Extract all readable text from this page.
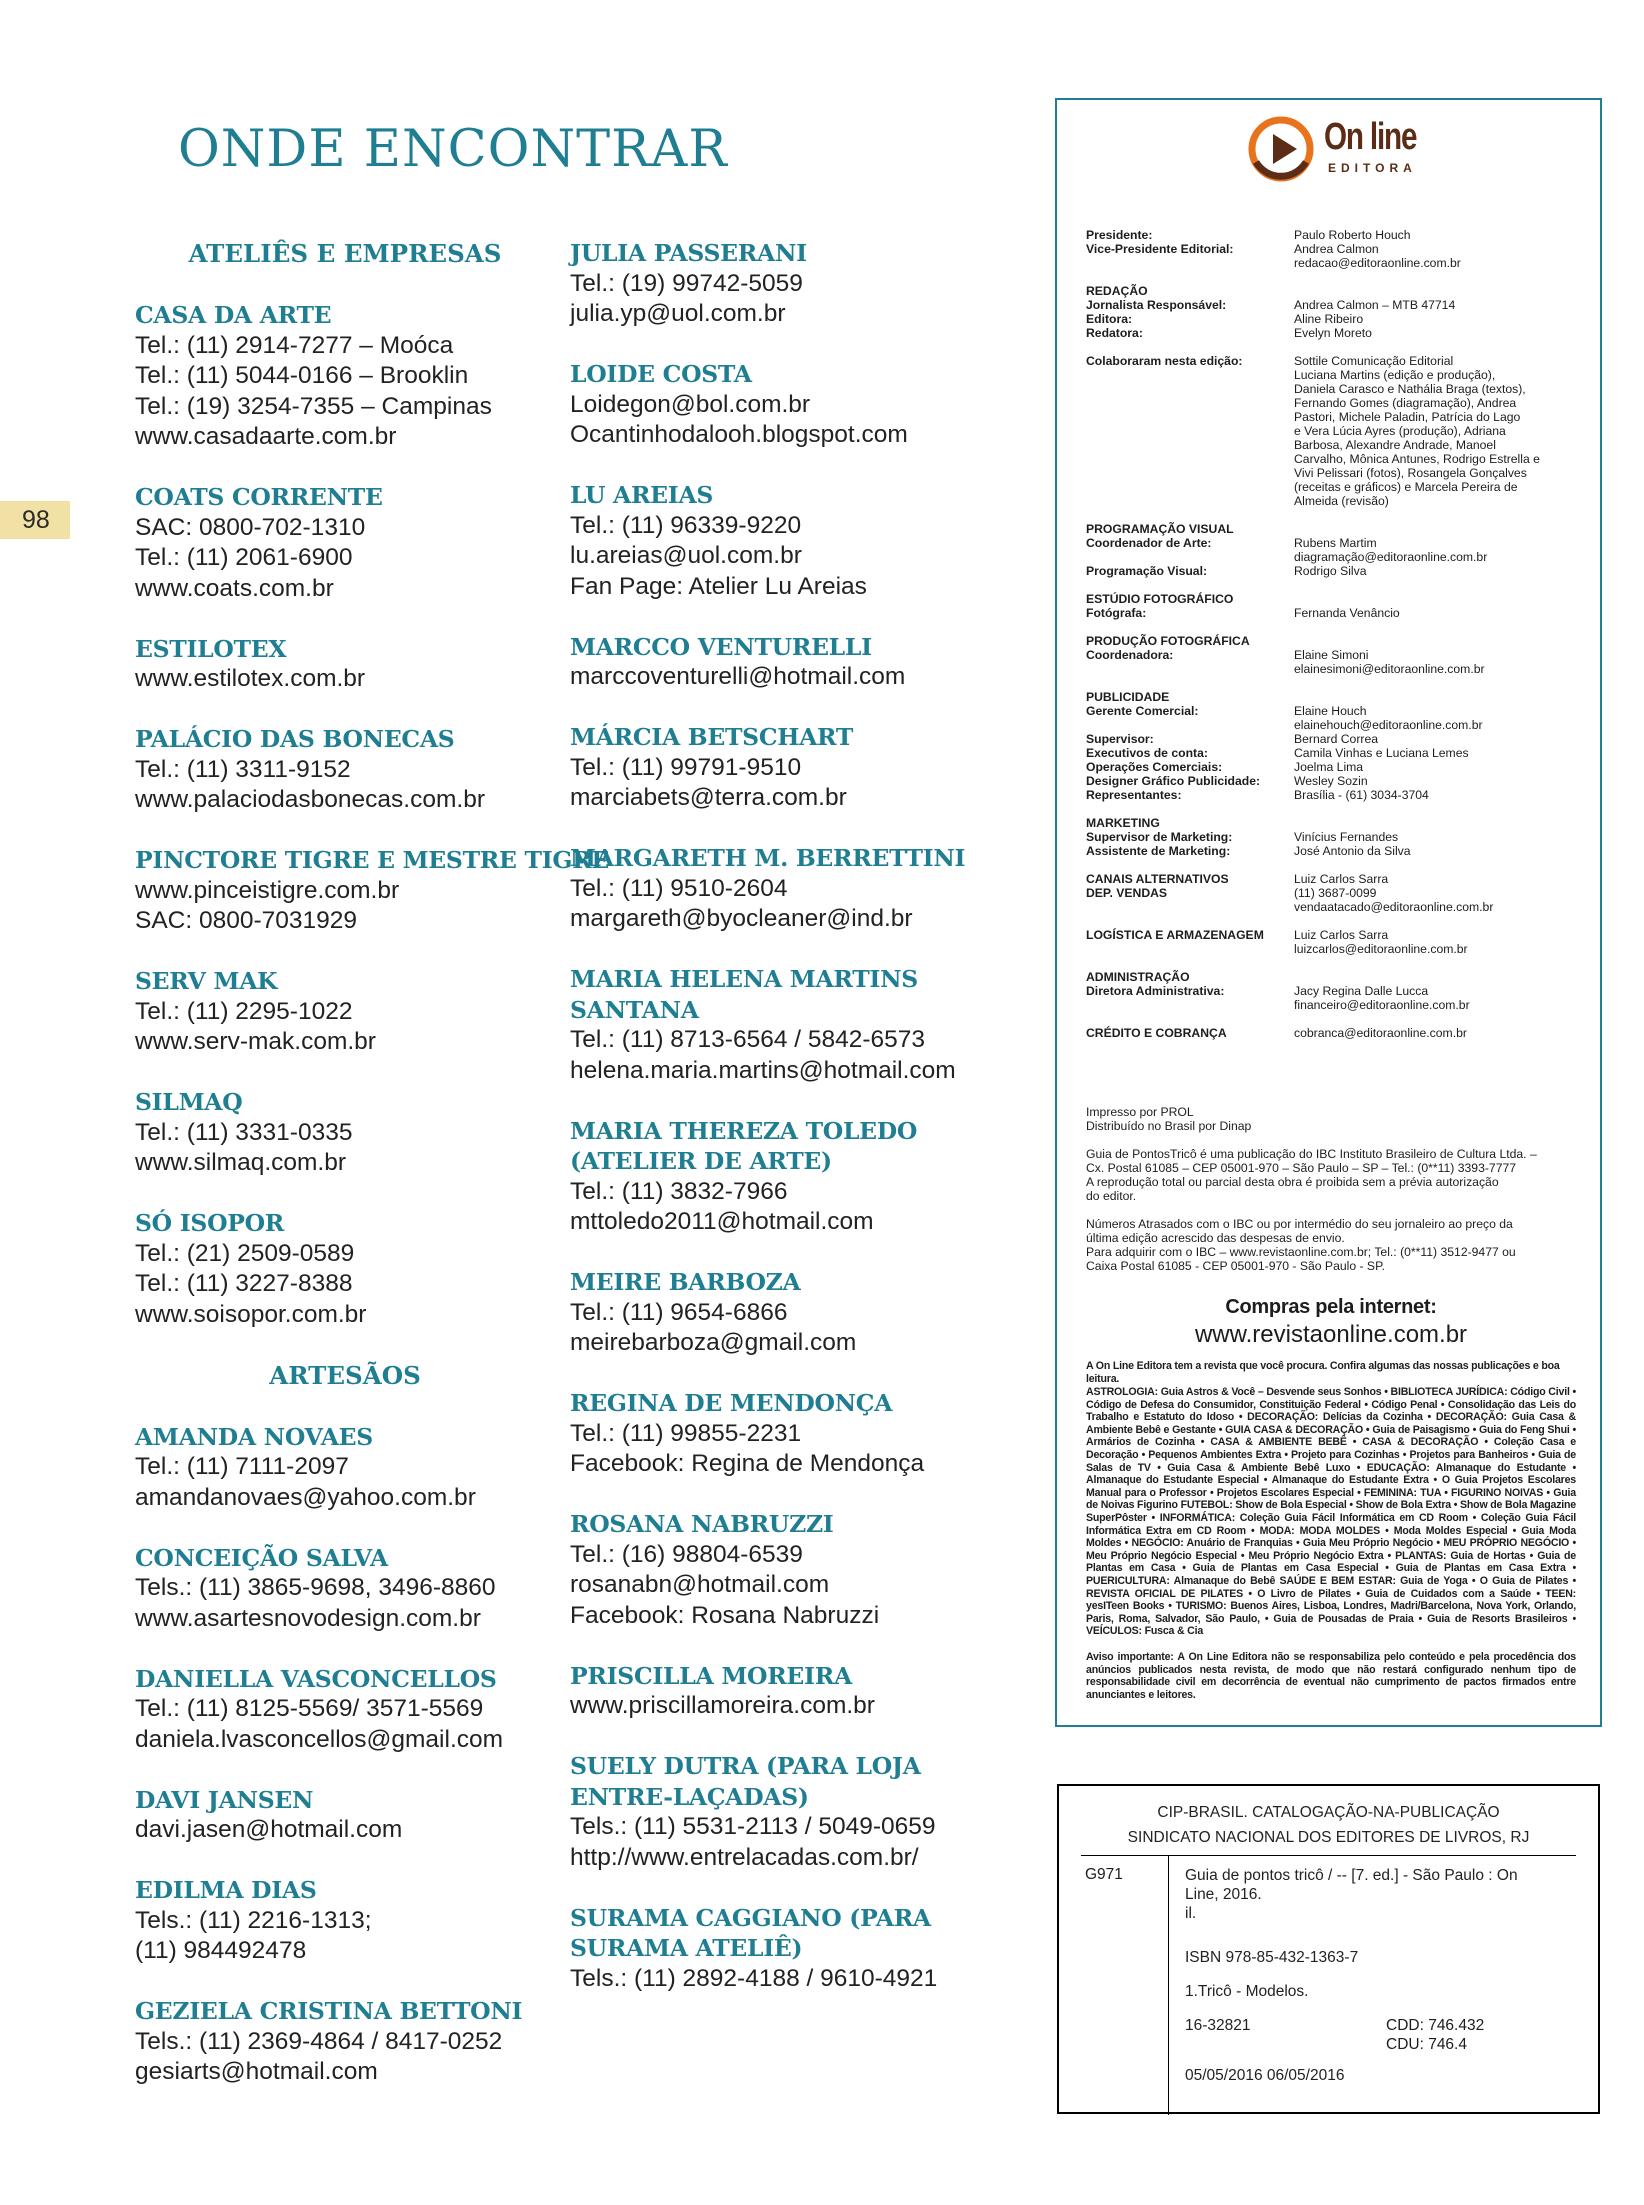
ONDE ENCONTRAR
98
ATELIÊS E EMPRESAS
CASA DA ARTE
Tel.: (11) 2914-7277 – Moóca
Tel.: (11) 5044-0166 – Brooklin
Tel.: (19) 3254-7355 – Campinas
www.casadaarte.com.br
COATS CORRENTE
SAC: 0800-702-1310
Tel.: (11) 2061-6900
www.coats.com.br
ESTILOTEX
www.estilotex.com.br
PALÁCIO DAS BONECAS
Tel.: (11) 3311-9152
www.palaciodasbonecas.com.br
PINCTORE TIGRE E MESTRE TIGRE
www.pinceistigre.com.br
SAC: 0800-7031929
SERV MAK
Tel.: (11) 2295-1022
www.serv-mak.com.br
SILMAQ
Tel.: (11) 3331-0335
www.silmaq.com.br
SÓ ISOPOR
Tel.: (21) 2509-0589
Tel.: (11) 3227-8388
www.soisopor.com.br
ARTESÃOS
AMANDA NOVAES
Tel.: (11) 7111-2097
amandanovaes@yahoo.com.br
CONCEIÇÃO SALVA
Tels.: (11) 3865-9698, 3496-8860
www.asartesnovodesign.com.br
DANIELLA VASCONCELLOS
Tel.: (11) 8125-5569/ 3571-5569
daniela.lvasconcellos@gmail.com
DAVI JANSEN
davi.jasen@hotmail.com
EDILMA DIAS
Tels.: (11) 2216-1313;
(11) 984492478
GEZIELA CRISTINA BETTONI
Tels.: (11) 2369-4864 / 8417-0252
gesiarts@hotmail.com
JULIA PASSERANI
Tel.: (19) 99742-5059
julia.yp@uol.com.br
LOIDE COSTA
Loidegon@bol.com.br
Ocantinhodalooh.blogspot.com
LU AREIAS
Tel.: (11) 96339-9220
lu.areias@uol.com.br
Fan Page: Atelier Lu Areias
MARCCO VENTURELLI
marccoventurelli@hotmail.com
MÁRCIA BETSCHART
Tel.: (11) 99791-9510
marciabets@terra.com.br
MARGARETH M. BERRETTINI
Tel.: (11) 9510-2604
margareth@byocleaner@ind.br
MARIA HELENA MARTINS
SANTANA
Tel.: (11) 8713-6564 / 5842-6573
helena.maria.martins@hotmail.com
MARIA THEREZA TOLEDO
(ATELIER DE ARTE)
Tel.: (11) 3832-7966
mttoledo2011@hotmail.com
MEIRE BARBOZA
Tel.: (11) 9654-6866
meirebarboza@gmail.com
REGINA DE MENDONÇA
Tel.: (11) 99855-2231
Facebook: Regina de Mendonça
ROSANA NABRUZZI
Tel.: (16) 98804-6539
rosanabn@hotmail.com
Facebook: Rosana Nabruzzi
PRISCILLA MOREIRA
www.priscillamoreira.com.br
SUELY DUTRA (PARA LOJA
ENTRE-LAÇADAS)
Tels.: (11) 5531-2113 / 5049-0659
http://www.entrelacadas.com.br/
SURAMA CAGGIANO (PARA
SURAMA ATELIÊ)
Tels.: (11) 2892-4188 / 9610-4921
On line
EDITORA
Presidente:	Paulo Roberto Houch
Vice-Presidente Editorial:	Andrea Calmon
redacao@editoraonline.com.br
REDAÇÃO
Jornalista Responsável:	Andrea Calmon – MTB 47714
Editora:	Aline Ribeiro
Redatora:	Evelyn Moreto
Colaboraram nesta edição:	Sottile Comunicação Editorial
Luciana Martins (edição e produção),
Daniela Carasco e Nathália Braga (textos),
Fernando Gomes (diagramação), Andrea
Pastori, Michele Paladin, Patrícia do Lago
e Vera Lúcia Ayres (produção), Adriana
Barbosa, Alexandre Andrade, Manoel
Carvalho, Mônica Antunes, Rodrigo Estrella e
Vivi Pelissari (fotos), Rosangela Gonçalves
(receitas e gráficos) e Marcela Pereira de
Almeida (revisão)
PROGRAMAÇÃO VISUAL
Coordenador de Arte:	Rubens Martim
diagramação@editoraonline.com.br
Programação Visual:	Rodrigo Silva
ESTÚDIO FOTOGRÁFICO
Fotógrafa:	Fernanda Venâncio
PRODUÇÃO FOTOGRÁFICA
Coordenadora:	Elaine Simoni
elainesimoni@editoraonline.com.br
PUBLICIDADE
Gerente Comercial:	Elaine Houch
elainehouch@editoraonline.com.br
Supervisor:	Bernard Correa
Executivos de conta:	Camila Vinhas e Luciana Lemes
Operações Comerciais:	Joelma Lima
Designer Gráfico Publicidade:	Wesley Sozin
Representantes:	Brasília - (61) 3034-3704
MARKETING
Supervisor de Marketing:	Vinícius Fernandes
Assistente de Marketing:	José Antonio da Silva
CANAIS ALTERNATIVOS	Luiz Carlos Sarra
DEP. VENDAS	(11) 3687-0099
vendaatacado@editoraonline.com.br
LOGÍSTICA E ARMAZENAGEM	Luiz Carlos Sarra
luizcarlos@editoraonline.com.br
ADMINISTRAÇÃO
Diretora Administrativa:	Jacy Regina Dalle Lucca
financeiro@editoraonline.com.br
CRÉDITO E COBRANÇA	cobranca@editoraonline.com.br
Impresso por PROL
Distribuído no Brasil por Dinap
Guia de PontosTricô é uma publicação do IBC Instituto Brasileiro de Cultura Ltda. –
Cx. Postal 61085 – CEP 05001-970 – São Paulo – SP – Tel.: (0**11) 3393-7777
A reprodução total ou parcial desta obra é proibida sem a prévia autorização
do editor.
Números Atrasados com o IBC ou por intermédio do seu jornaleiro ao preço da
última edição acrescido das despesas de envio.
Para adquirir com o IBC – www.revistaonline.com.br; Tel.: (0**11) 3512-9477 ou
Caixa Postal 61085 - CEP 05001-970 - São Paulo - SP.
Compras pela internet:
www.revistaonline.com.br
A On Line Editora tem a revista que você procura. Confira algumas das nossas publicações e boa leitura.
ASTROLOGIA: Guia Astros & Você – Desvende seus Sonhos • BIBLIOTECA JURÍDICA: Código Civil • Código de Defesa do Consumidor, Constituição Federal • Código Penal • Consolidação das Leis do Trabalho e Estatuto do Idoso • DECORAÇÃO: Delícias da Cozinha • DECORAÇÃO: Guia Casa & Ambiente Bebê e Gestante • GUIA CASA & DECORAÇÃO • Guia de Paisagismo • Guia do Feng Shui • Armários de Cozinha • CASA & AMBIENTE BEBÊ • CASA & DECORAÇÃO • Coleção Casa e Decoração • Pequenos Ambientes Extra • Projeto para Cozinhas • Projetos para Banheiros • Guia de Salas de TV • Guia Casa & Ambiente Bebê Luxo • EDUCAÇÃO: Almanaque do Estudante • Almanaque do Estudante Especial • Almanaque do Estudante Extra • O Guia Projetos Escolares Manual para o Professor • Projetos Escolares Especial • FEMININA: TUA • FIGURINO NOIVAS • Guia de Noivas Figurino FUTEBOL: Show de Bola Especial • Show de Bola Extra • Show de Bola Magazine SuperPôster • INFORMÁTICA: Coleção Guia Fácil Informática em CD Room • Coleção Guia Fácil Informática Extra em CD Room • MODA: MODA MOLDES • Moda Moldes Especial • Guia Moda Moldes • NEGÓCIO: Anuário de Franquias • Guia Meu Próprio Negócio • MEU PRÓPRIO NEGÓCIO • Meu Próprio Negócio Especial • Meu Próprio Negócio Extra • PLANTAS: Guia de Hortas • Guia de Plantas em Casa • Guia de Plantas em Casa Especial • Guia de Plantas em Casa Extra • PUERICULTURA: Almanaque do Bebê SAÚDE E BEM ESTAR: Guia de Yoga • O Guia de Pilates • REVISTA OFICIAL DE PILATES • O Livro de Pilates • Guia de Cuidados com a Saúde • TEEN: yesITeen Books • TURISMO: Buenos Aires, Lisboa, Londres, Madri/Barcelona, Nova York, Orlando, Paris, Roma, Salvador, São Paulo, • Guia de Pousadas de Praia • Guia de Resorts Brasileiros • VEÍCULOS: Fusca & Cia
Aviso importante: A On Line Editora não se responsabiliza pelo conteúdo e pela procedência dos anúncios publicados nesta revista, de modo que não restará configurado nenhum tipo de responsabilidade civil em decorrência de eventual não cumprimento de pactos firmados entre anunciantes e leitores.
CIP-BRASIL. CATALOGAÇÃO-NA-PUBLICAÇÃO
SINDICATO NACIONAL DOS EDITORES DE LIVROS, RJ
G971	Guia de pontos tricô / -- [7. ed.] - São Paulo : On
Line, 2016.
il.
ISBN 978-85-432-1363-7
1.Tricô - Modelos.
16-32821	CDD: 746.432
CDU: 746.4
05/05/2016 06/05/2016
